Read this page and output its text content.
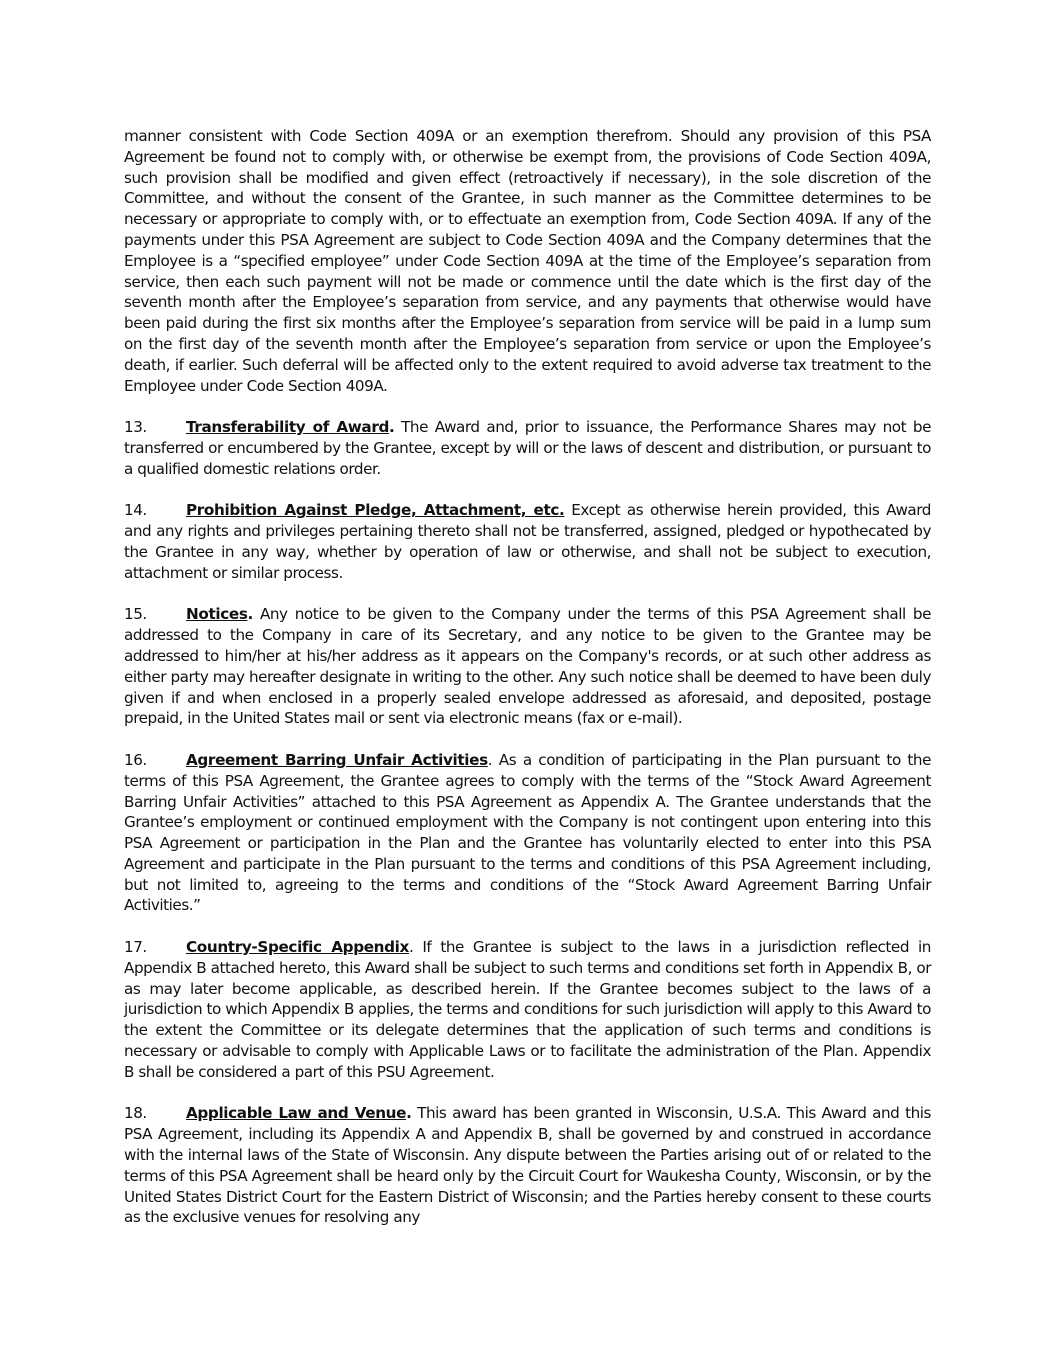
manner consistent with Code Section 409A or an exemption therefrom. Should any provision of this PSA Agreement be found not to comply with, or otherwise be exempt from, the provisions of Code Section 409A, such provision shall be modified and given effect (retroactively if necessary), in the sole discretion of the Committee, and without the consent of the Grantee, in such manner as the Committee determines to be necessary or appropriate to comply with, or to effectuate an exemption from, Code Section 409A. If any of the payments under this PSA Agreement are subject to Code Section 409A and the Company determines that the Employee is a “specified employee” under Code Section 409A at the time of the Employee’s separation from service, then each such payment will not be made or commence until the date which is the first day of the seventh month after the Employee’s separation from service, and any payments that otherwise would have been paid during the first six months after the Employee’s separation from service will be paid in a lump sum on the first day of the seventh month after the Employee’s separation from service or upon the Employee’s death, if earlier. Such deferral will be affected only to the extent required to avoid adverse tax treatment to the Employee under Code Section 409A.

13.	Transferability of Award. The Award and, prior to issuance, the Performance Shares may not be transferred or encumbered by the Grantee, except by will or the laws of descent and distribution, or pursuant to a qualified domestic relations order.

14.	Prohibition Against Pledge, Attachment, etc. Except as otherwise herein provided, this Award and any rights and privileges pertaining thereto shall not be transferred, assigned, pledged or hypothecated by the Grantee in any way, whether by operation of law or otherwise, and shall not be subject to execution, attachment or similar process.

15.	Notices. Any notice to be given to the Company under the terms of this PSA Agreement shall be addressed to the Company in care of its Secretary, and any notice to be given to the Grantee may be addressed to him/her at his/her address as it appears on the Company's records, or at such other address as either party may hereafter designate in writing to the other. Any such notice shall be deemed to have been duly given if and when enclosed in a properly sealed envelope addressed as aforesaid, and deposited, postage prepaid, in the United States mail or sent via electronic means (fax or e-mail).

16.	Agreement Barring Unfair Activities. As a condition of participating in the Plan pursuant to the terms of this PSA Agreement, the Grantee agrees to comply with the terms of the “Stock Award Agreement Barring Unfair Activities” attached to this PSA Agreement as Appendix A. The Grantee understands that the Grantee’s employment or continued employment with the Company is not contingent upon entering into this PSA Agreement or participation in the Plan and the Grantee has voluntarily elected to enter into this PSA Agreement and participate in the Plan pursuant to the terms and conditions of this PSA Agreement including, but not limited to, agreeing to the terms and conditions of the “Stock Award Agreement Barring Unfair Activities.”

17.	Country-Specific Appendix. If the Grantee is subject to the laws in a jurisdiction reflected in Appendix B attached hereto, this Award shall be subject to such terms and conditions set forth in Appendix B, or as may later become applicable, as described herein. If the Grantee becomes subject to the laws of a jurisdiction to which Appendix B applies, the terms and conditions for such jurisdiction will apply to this Award to the extent the Committee or its delegate determines that the application of such terms and conditions is necessary or advisable to comply with Applicable Laws or to facilitate the administration of the Plan. Appendix B shall be considered a part of this PSU Agreement.

18.	Applicable Law and Venue. This award has been granted in Wisconsin, U.S.A. This Award and this PSA Agreement, including its Appendix A and Appendix B, shall be governed by and construed in accordance with the internal laws of the State of Wisconsin. Any dispute between the Parties arising out of or related to the terms of this PSA Agreement shall be heard only by the Circuit Court for Waukesha County, Wisconsin, or by the United States District Court for the Eastern District of Wisconsin; and the Parties hereby consent to these courts as the exclusive venues for resolving any
